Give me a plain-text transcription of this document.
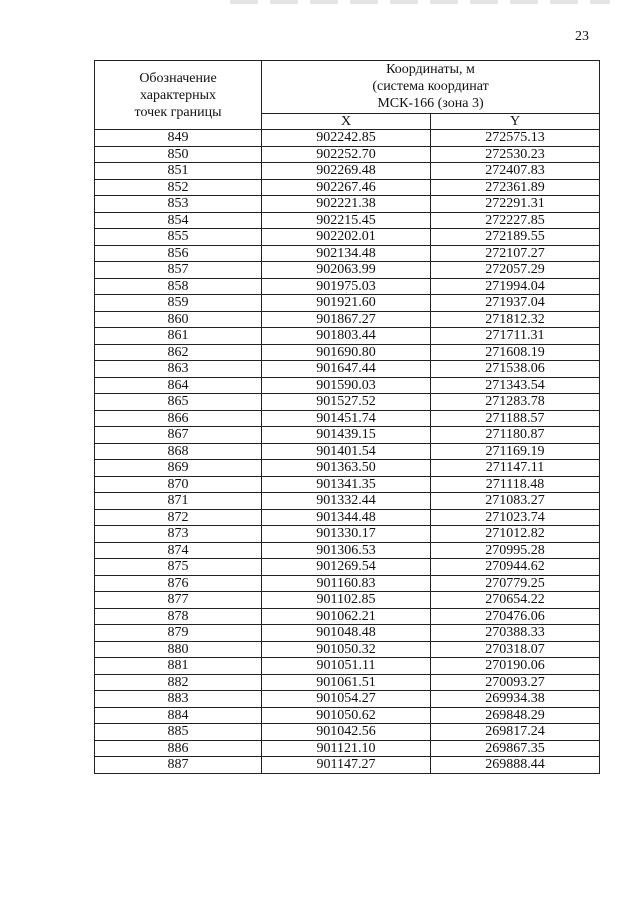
23
Обозначение
характерных
точек границы	Координаты, м
(система координат
МСК-166 (зона 3)	
	X	Y
849	902242.85	272575.13
850	902252.70	272530.23
851	902269.48	272407.83
852	902267.46	272361.89
853	902221.38	272291.31
854	902215.45	272227.85
855	902202.01	272189.55
856	902134.48	272107.27
857	902063.99	272057.29
858	901975.03	271994.04
859	901921.60	271937.04
860	901867.27	271812.32
861	901803.44	271711.31
862	901690.80	271608.19
863	901647.44	271538.06
864	901590.03	271343.54
865	901527.52	271283.78
866	901451.74	271188.57
867	901439.15	271180.87
868	901401.54	271169.19
869	901363.50	271147.11
870	901341.35	271118.48
871	901332.44	271083.27
872	901344.48	271023.74
873	901330.17	271012.82
874	901306.53	270995.28
875	901269.54	270944.62
876	901160.83	270779.25
877	901102.85	270654.22
878	901062.21	270476.06
879	901048.48	270388.33
880	901050.32	270318.07
881	901051.11	270190.06
882	901061.51	270093.27
883	901054.27	269934.38
884	901050.62	269848.29
885	901042.56	269817.24
886	901121.10	269867.35
887	901147.27	269888.44
